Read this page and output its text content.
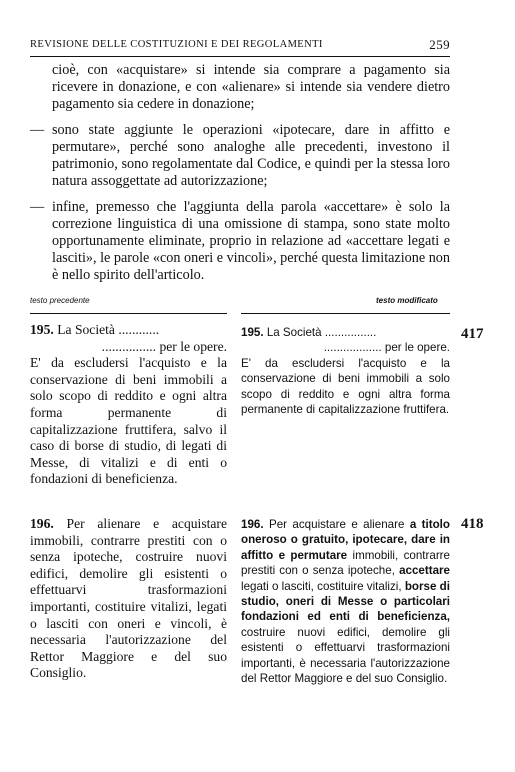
REVISIONE DELLE COSTITUZIONI E DEI REGOLAMENTI	259

cioè, con «acquistare» si intende sia comprare a pagamento sia ricevere in donazione, e con «alienare» si intende sia vendere dietro pagamento sia cedere in donazione;

— sono state aggiunte le operazioni «ipotecare, dare in affitto e permutare», perché sono analoghe alle precedenti, investono il patrimonio, sono regolamentate dal Codice, e quindi per la stessa loro natura assoggettate ad autorizzazione;

— infine, premesso che l'aggiunta della parola «accettare» è solo la correzione linguistica di una omissione di stampa, sono state molto opportunamente eliminate, proprio in relazione ad «accettare legati e lasciti», le parole «con oneri e vincoli», perché questa limitazione non è nello spirito dell'articolo.

testo precedente	testo modificato

195. La Società ............

................ per le opere.

E' da escludersi l'acquisto e la conservazione di beni immobili a solo scopo di reddito e ogni altra forma permanente di capitalizzazione fruttifera, salvo il caso di borse di studio, di legati di Messe, di vitalizi e di enti o fondazioni di beneficienza.

195. La Società ................

.................. per le opere.

E' da escludersi l'acquisto e la conservazione di beni immobili a solo scopo di reddito e ogni altra forma permanente di capitalizzazione fruttifera.

417

196. Per alienare e acquistare immobili, contrarre prestiti con o senza ipoteche, costruire nuovi edifici, demolire gli esistenti o effettuarvi trasformazioni importanti, costituire vitalizi, legati o lasciti con oneri e vincoli, è necessaria l'autorizzazione del Rettor Maggiore e del suo Consiglio.

196. Per acquistare e alienare a titolo oneroso o gratuito, ipotecare, dare in affitto e permutare immobili, contrarre prestiti con o senza ipoteche, accettare legati o lasciti, costituire vitalizi, borse di studio, oneri di Messe o particolari fondazioni ed enti di beneficienza, costruire nuovi edifici, demolire gli esistenti o effettuarvi trasformazioni importanti, è necessaria l'autorizzazione del Rettor Maggiore e del suo Consiglio.

418
